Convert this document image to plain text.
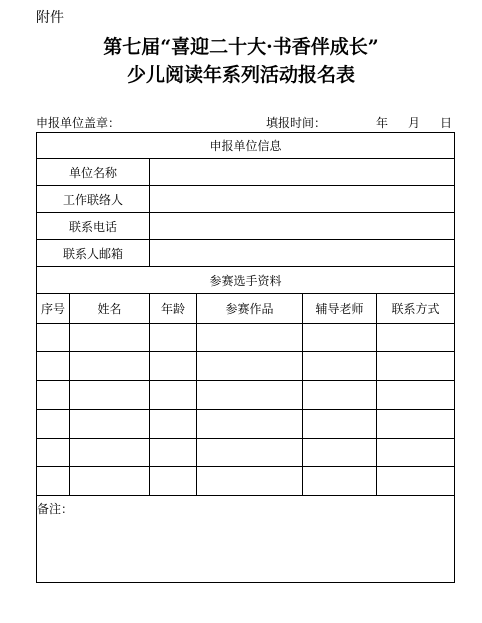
附件
第七届“喜迎二十大·书香伴成长”
少儿阅读年系列活动报名表
申报单位盖章：	填报时间：	年 月 日
申报单位信息					
单位名称					
工作联络人					
联系电话					
联系人邮箱					
参赛选手资料					
序号	姓名	年龄	参赛作品	辅导老师	联系方式

备注：					
